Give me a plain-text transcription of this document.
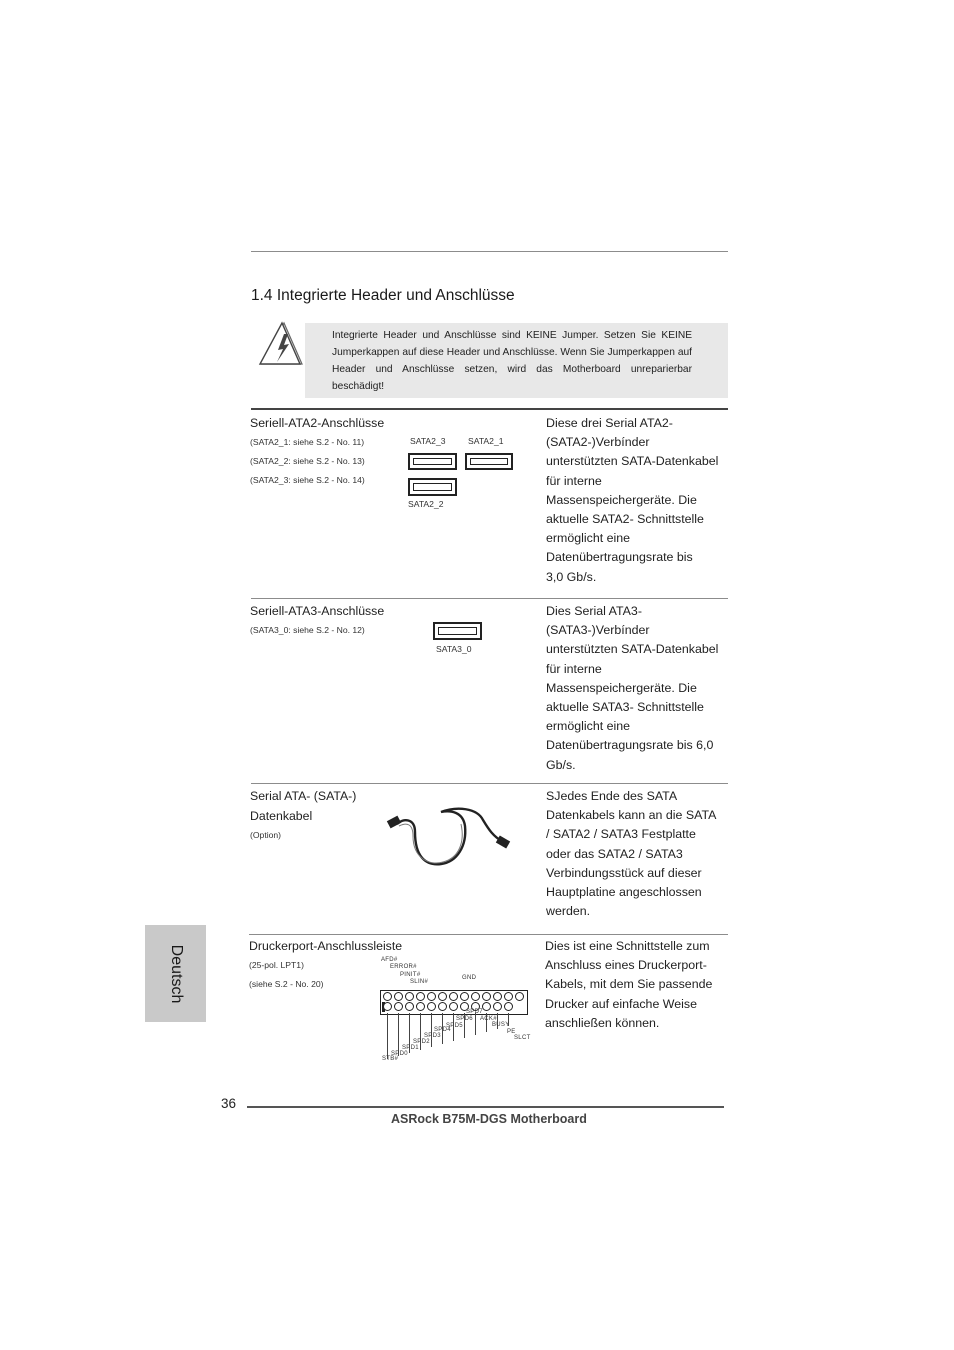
1.4 Integrierte Header und Anschlüsse
Integrierte Header und Anschlüsse sind KEINE Jumper. Setzen Sie KEINE Jumperkappen auf diese Header und Anschlüsse. Wenn Sie Jumperkappen auf Header und Anschlüsse setzen, wird das Motherboard unreparierbar beschädigt!
Seriell-ATA2-Anschlüsse
(SATA2_1: siehe S.2 - No. 11)
(SATA2_2: siehe S.2 - No. 13)
(SATA2_3: siehe S.2 - No. 14)
SATA2_3	SATA2_1
SATA2_2
Diese drei Serial ATA2-
(SATA2-)Verbínder
unterstützten SATA-Datenkabel
für interne
Massenspeichergeräte. Die
aktuelle SATA2- Schnittstelle
ermöglicht eine
Datenübertragungsrate bis
3,0 Gb/s.
Seriell-ATA3-Anschlüsse
(SATA3_0: siehe S.2 - No. 12)
SATA3_0
Dies Serial ATA3-
(SATA3-)Verbínder
unterstützten SATA-Datenkabel
für interne
Massenspeichergeräte. Die
aktuelle SATA3- Schnittstelle
ermöglicht eine
Datenübertragungsrate bis 6,0
Gb/s.
Serial ATA- (SATA-)
Datenkabel
(Option)
SJedes Ende des SATA
Datenkabels kann an die SATA
/ SATA2 / SATA3 Festplatte
oder das SATA2 / SATA3
Verbindungsstück auf dieser
Hauptplatine angeschlossen
werden.
Druckerport-Anschlussleiste
(25-pol. LPT1)
(siehe S.2 - No. 20)
AFD#
ERROR#
PINIT#
SLIN#
GND
SPD7
SPD6
SPD5
SPD4
SPD3
SPD2
SPD1
SPD0
STB#
ACK#
BUSY
PE
SLCT
Dies ist eine Schnittstelle zum
Anschluss eines Druckerport-
Kabels, mit dem Sie passende
Drucker auf einfache Weise
anschließen können.
Deutsch
36
ASRock B75M-DGS Motherboard
